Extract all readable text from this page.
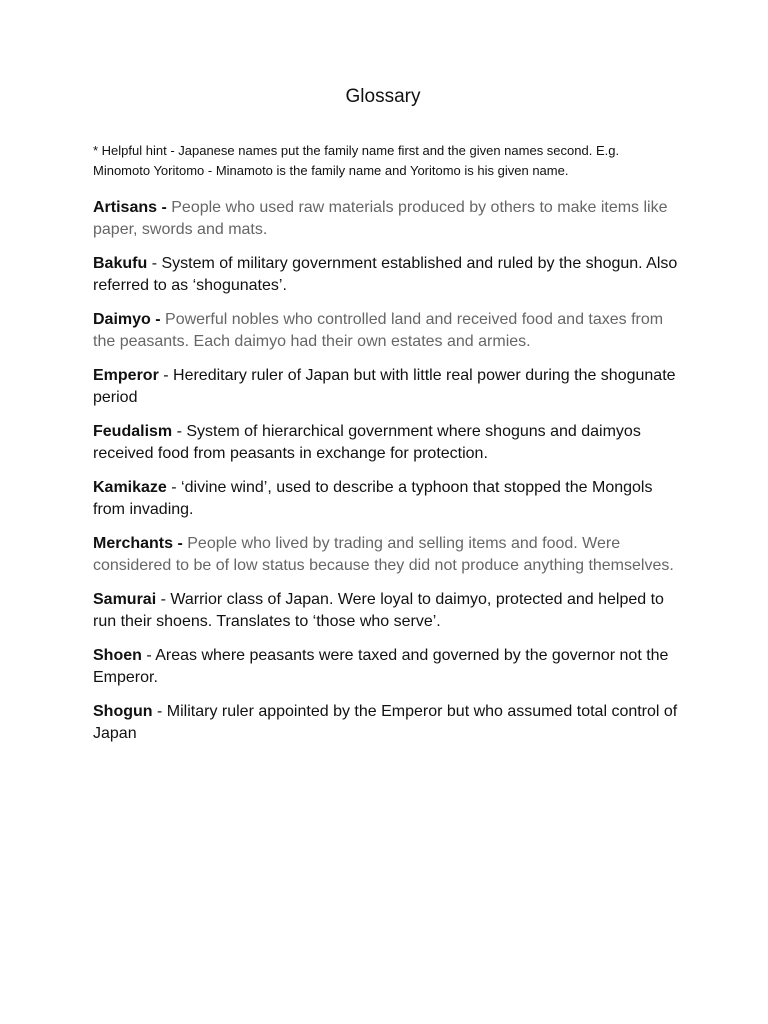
Glossary
* Helpful hint - Japanese names put the family name first and the given names second. E.g. Minomoto Yoritomo - Minamoto is the family name and Yoritomo is his given name.

Artisans - People who used raw materials produced by others to make items like paper, swords and mats.

Bakufu - System of military government established and ruled by the shogun. Also referred to as ‘shogunates’.

Daimyo - Powerful nobles who controlled land and received food and taxes from the peasants. Each daimyo had their own estates and armies.

Emperor - Hereditary ruler of Japan but with little real power during the shogunate period

Feudalism - System of hierarchical government where shoguns and daimyos received food from peasants in exchange for protection.

Kamikaze - ‘divine wind’, used to describe a typhoon that stopped the Mongols from invading.

Merchants - People who lived by trading and selling items and food. Were considered to be of low status because they did not produce anything themselves.

Samurai - Warrior class of Japan. Were loyal to daimyo, protected and helped to run their shoens. Translates to ‘those who serve’.

Shoen - Areas where peasants were taxed and governed by the governor not the Emperor.

Shogun - Military ruler appointed by the Emperor but who assumed total control of Japan
